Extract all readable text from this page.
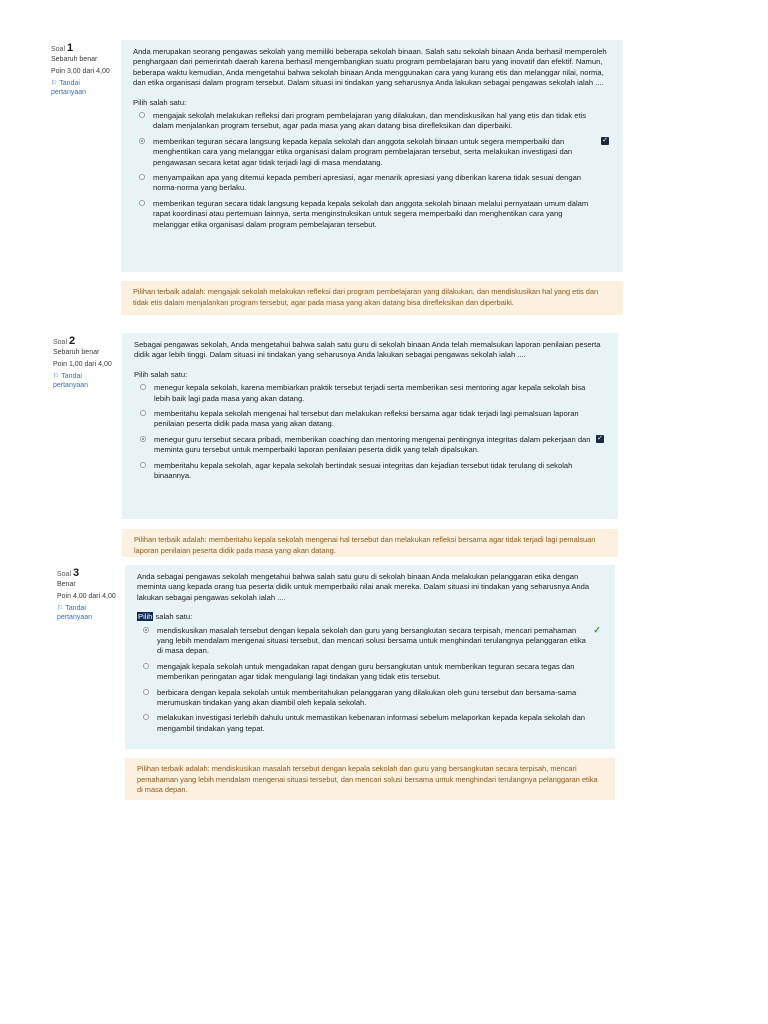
Soal 1
Sebaruh benar
Poin 3,00 dari 4,00
⚐ Tandai pertanyaan

Anda merupakan seorang pengawas sekolah yang memiliki beberapa sekolah binaan. Salah satu sekolah binaan Anda berhasil memperoleh penghargaan dari pemerintah daerah karena berhasil mengembangkan suatu program pembelajaran baru yang inovatif dan efektif. Namun, beberapa waktu kemudian, Anda mengetahui bahwa sekolah binaan Anda menggunakan cara yang kurang etis dan melanggar nilai, norma, dan etika organisasi dalam program tersebut. Dalam situasi ini tindakan yang seharusnya Anda lakukan sebagai pengawas sekolah ialah ....

Pilih salah satu:

mengajak sekolah melakukan refleksi dari program pembelajaran yang dilakukan, dan mendiskusikan hal yang etis dan tidak etis dalam menjalankan program tersebut, agar pada masa yang akan datang bisa direfleksikan dan diperbaiki.
memberikan teguran secara langsung kepada kepala sekolah dan anggota sekolah binaan untuk segera memperbaiki dan menghentikan cara yang melanggar etika organisasi dalam program pembelajaran tersebut, serta melakukan investigasi dan pengawasan secara ketat agar tidak terjadi lagi di masa mendatang.
✓
menyampaikan apa yang ditemui kepada pemberi apresiasi, agar menarik apresiasi yang diberikan karena tidak sesuai dengan norma-norma yang berlaku.
memberikan teguran secara tidak langsung kepada kepala sekolah dan anggota sekolah binaan melalui pernyataan umum dalam rapat koordinasi atau pertemuan lainnya, serta menginstruksikan untuk segera memperbaiki dan menghentikan cara yang melanggar etika organisasi dalam program pembelajaran tersebut.
Pilihan terbaik adalah: mengajak sekolah melakukan refleksi dari program pembelajaran yang dilakukan, dan mendiskusikan hal yang etis dan tidak etis dalam menjalankan program tersebut, agar pada masa yang akan datang bisa direfleksikan dan diperbaiki.
Soal 2
Sebaruh benar
Poin 1,00 dari 4,00
⚐ Tandai pertanyaan

Sebagai pengawas sekolah, Anda mengetahui bahwa salah satu guru di sekolah binaan Anda telah memalsukan laporan penilaian peserta didik agar lebih tinggi. Dalam situasi ini tindakan yang seharusnya Anda lakukan sebagai pengawas sekolah ialah ....

Pilih salah satu:

menegur kepala sekolah, karena membiarkan praktik tersebut terjadi serta memberikan sesi mentoring agar kepala sekolah bisa lebih baik lagi pada masa yang akan datang.
memberitahu kepala sekolah mengenai hal tersebut dan melakukan refleksi bersama agar tidak terjadi lagi pemalsuan laporan penilaian peserta didik pada masa yang akan datang.
menegur guru tersebut secara pribadi, memberikan coaching dan mentoring mengenai pentingnya integritas dalam pekerjaan dan meminta guru tersebut untuk memperbaiki laporan penilaian peserta didik yang telah dipalsukan.
✓
memberitahu kepala sekolah, agar kepala sekolah bertindak sesuai integritas dan kejadian tersebut tidak terulang di sekolah binaannya.
Pilihan terbaik adalah: memberitahu kepala sekolah mengenai hal tersebut dan melakukan refleksi bersama agar tidak terjadi lagi pemalsuan laporan penilaian peserta didik pada masa yang akan datang.
Soal 3
Benar
Poin 4,00 dari 4,00
⚐ Tandai pertanyaan

Anda sebagai pengawas sekolah mengetahui bahwa salah satu guru di sekolah binaan Anda melakukan pelanggaran etika dengan meminta uang kepada orang tua peserta didik untuk memperbaiki nilai anak mereka. Dalam situasi ini tindakan yang seharusnya Anda lakukan sebagai pengawas sekolah ialah ....

Pilih salah satu:

mendiskusikan masalah tersebut dengan kepala sekolah dan guru yang bersangkutan secara terpisah, mencari pemahaman yang lebih mendalam mengenai situasi tersebut, dan mencari solusi bersama untuk menghindari terulangnya pelanggaran etika di masa depan.
✓
mengajak kepala sekolah untuk mengadakan rapat dengan guru bersangkutan untuk memberikan teguran secara tegas dan memberikan peringatan agar tidak mengulangi lagi tindakan yang tidak etis tersebut.
berbicara dengan kepala sekolah untuk memberitahukan pelanggaran yang dilakukan oleh guru tersebut dan bersama-sama merumuskan tindakan yang akan diambil oleh kepala sekolah.
melakukan investigasi terlebih dahulu untuk memastikan kebenaran informasi sebelum melaporkan kepada kepala sekolah dan mengambil tindakan yang tepat.
Pilihan terbaik adalah: mendiskusikan masalah tersebut dengan kepala sekolah dan guru yang bersangkutan secara terpisah, mencari pemahaman yang lebih mendalam mengenai situasi tersebut, dan mencari solusi bersama untuk menghindari terulangnya pelanggaran etika di masa depan.
